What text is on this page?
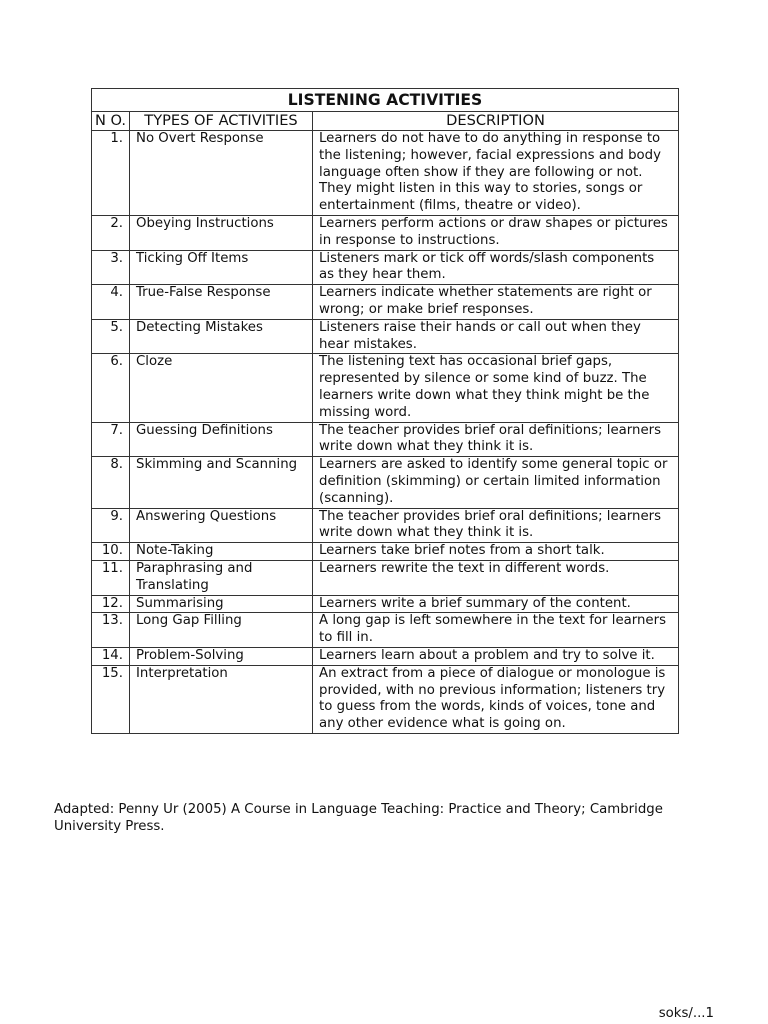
LISTENING ACTIVITIES		
N O.	TYPES OF ACTIVITIES	DESCRIPTION
1.	No Overt Response	Learners do not have to do anything in response to the listening; however, facial expressions and body language often show if they are following or not. They might listen in this way to stories, songs or entertainment (films, theatre or video).
2.	Obeying Instructions	Learners perform actions or draw shapes or pictures in response to instructions.
3.	Ticking Off Items	Listeners mark or tick off words/slash components as they hear them.
4.	True-False Response	Learners indicate whether statements are right or wrong; or make brief responses.
5.	Detecting Mistakes	Listeners raise their hands or call out when they hear mistakes.
6.	Cloze	The listening text has occasional brief gaps, represented by silence or some kind of buzz. The learners write down what they think might be the missing word.
7.	Guessing Definitions	The teacher provides brief oral definitions; learners write down what they think it is.
8.	Skimming and Scanning	Learners are asked to identify some general topic or definition (skimming) or certain limited information (scanning).
9.	Answering Questions	The teacher provides brief oral definitions; learners write down what they think it is.
10.	Note-Taking	Learners take brief notes from a short talk.
11.	Paraphrasing and Translating	Learners rewrite the text in different words.
12.	Summarising	Learners write a brief summary of the content.
13.	Long Gap Filling	A long gap is left somewhere in the text for learners to fill in.
14.	Problem-Solving	Learners learn about a problem and try to solve it.
15.	Interpretation	An extract from a piece of dialogue or monologue is provided, with no previous information; listeners try to guess from the words, kinds of voices, tone and any other evidence what is going on.
Adapted: Penny Ur (2005) A Course in Language Teaching: Practice and Theory; Cambridge University Press.
soks/...1
